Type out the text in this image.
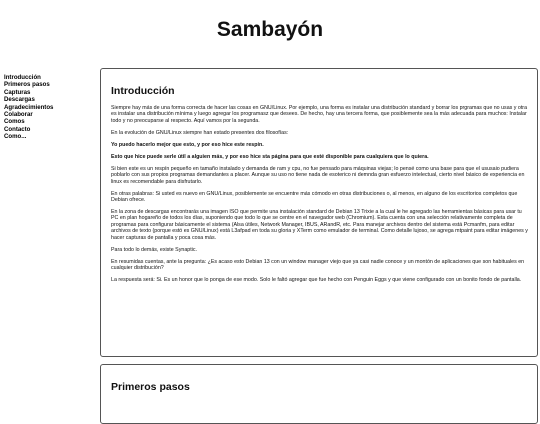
Sambayón
Introducción
Primeros pasos
Capturas
Descargas
Agradecimientos
Colaborar
Comos
Contacto
Como...
Introducción

Siempre hay más de una forma correcta de hacer las cosas en GNU/Linux. Por ejemplo, una forma es instalar una distribución standard y borrar los prgramas que no usas y otra es instalar una distribución mínima y luego agregar los programasz que desees. De hecho, hay una tercera forma, que posiblemente sea la más adecuada para muchos: Instalar todo y no preocuparse al respecto. Aquí vamos por la segunda.

En la evolución de GNU/Linux siempre han estado presentes dos filosofías:

Yo puedo hacerlo mejor que esto, y por eso hice este respín.

Esto que hice puede serle útil a alguien más, y por eso hice sta página para que esté disponible para cualquiera que lo quiera.

Si bien este es un respín pequeño en tamaño instalado y demanda de ram y cpu, no fue pensado para máquinas viejas; lo pensé como una base para que el ususaio pudiera poblarlo con sus propios programas demandantes a placer. Aunque su uso no tiene nada de esoterico ni demnda gran esfuerzo intelectual, cierto nivel básico de experiencia en linux es recomendable para disfrutarlo.

En otras palabras: Si usted es nuevo en GNU/Linux, posiblemente se encuentre más cómodo en otras distribuciones o, al menos, en alguno de los escritorios completos que Debian ofrece.

En la zona de descargas encontrarás una imagen ISO que permite una instalación standard de Debian 13 Trixie a la cual le he agregado las herramientas básicas para usar tu PC en plan hogareño de todos los días, suponiendo que todo lo que se centre en el navegador web (Chromium). Esta cuenta con una selección relativamente completa de programas para configurar básicamente el sistema (Alsa útiles, Network Manager, IBUS, ARandR, etc. Para manejar archivos dentro del sistema está Pcmanfm, para editar archivos de texto (porque estó es GNU/Linux) está L3afpad en toda su gloria y XTerm como emulador de terminal. Como detalle lujoso, se agrega mtpaint para editar imágenes y hacer capturas de pantalla y poca cosa más.

Para todo lo demás, existe Synaptic.

En resumidas cuentas, ante la pregunta: ¿Es acaso esto Debian 13 con un window manager viejo que ya casi nadie conoce y un montón de aplicaciones que son habituales en cualquier distribución?

La respuesta será: Si. Es un honor que lo ponga de ese modo. Solo le faltó agregar que fue hecho con Penguin Eggs y que viene configurado con un bonito fondo de pantalla.

Primeros pasos
